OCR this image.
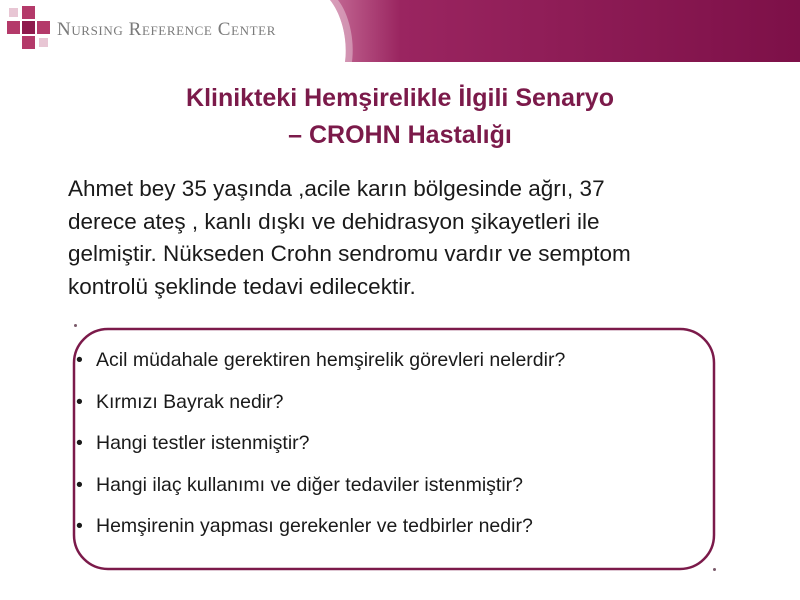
Nursing Reference Center
Klinikteki Hemşirelikle İlgili Senaryo
– CROHN Hastalığı
Ahmet bey 35 yaşında ,acile karın bölgesinde ağrı, 37
derece ateş , kanlı dışkı ve dehidrasyon şikayetleri ile
gelmiştir. Nükseden Crohn sendromu vardır ve semptom
kontrolü şeklinde tedavi edilecektir.
• Acil müdahale gerektiren hemşirelik görevleri nelerdir?
• Kırmızı Bayrak nedir?
• Hangi testler istenmiştir?
• Hangi ilaç kullanımı ve diğer tedaviler istenmiştir?
• Hemşirenin yapması gerekenler ve tedbirler nedir?
